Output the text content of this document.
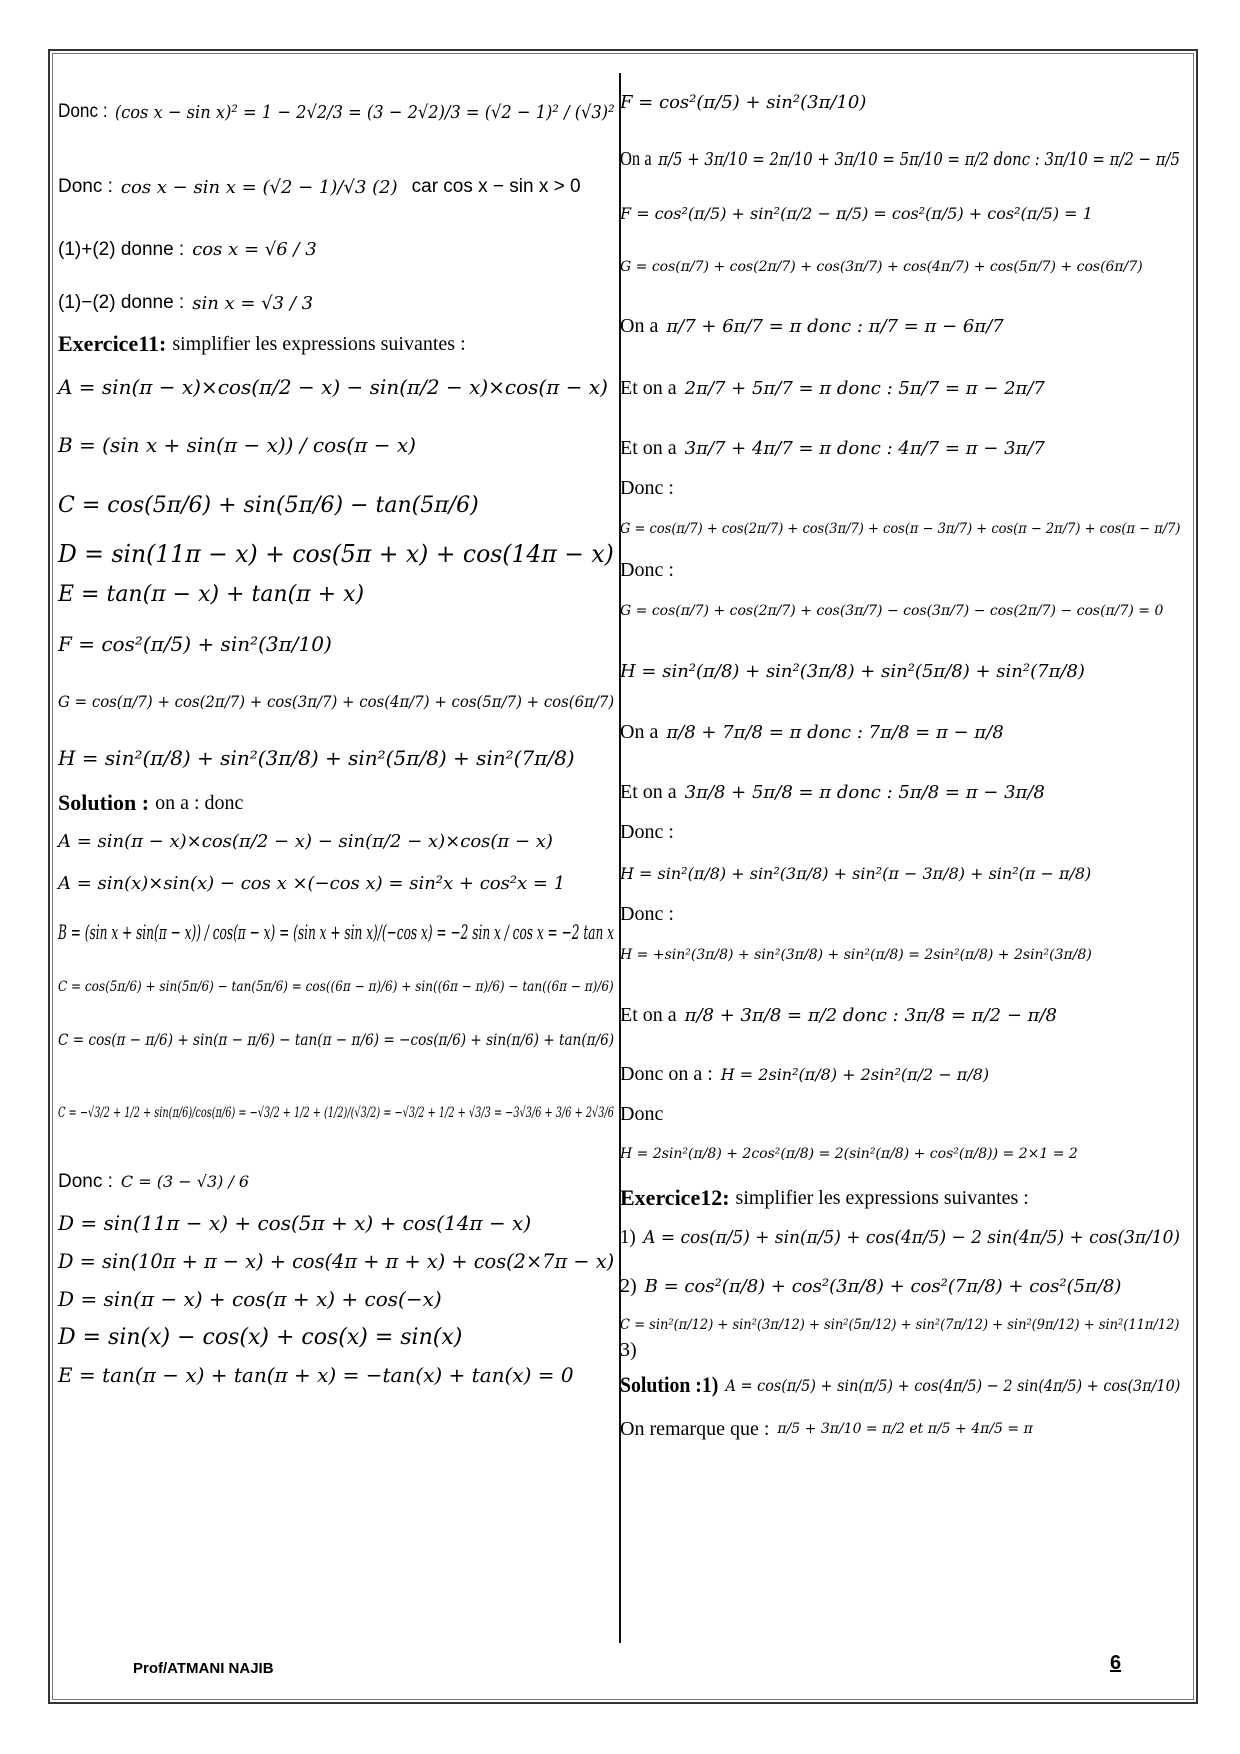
Donc : (cos x − sin x)² = 1 − 2√2/3 = (3 − 2√2)/3 = (√2 − 1)² / (√3)²
Donc : cos x − sin x = (√2 − 1)/√3 (2) car cos x − sin x > 0
(1)+(2) donne : cos x = √6 / 3
(1)−(2) donne : sin x = √3 / 3
Exercice11: simplifier les expressions suivantes :
A = sin(π − x)×cos(π/2 − x) − sin(π/2 − x)×cos(π − x)
B = (sin x + sin(π − x)) / cos(π − x)
C = cos(5π/6) + sin(5π/6) − tan(5π/6)
D = sin(11π − x) + cos(5π + x) + cos(14π − x)
E = tan(π − x) + tan(π + x)
F = cos²(π/5) + sin²(3π/10)
G = cos(π/7) + cos(2π/7) + cos(3π/7) + cos(4π/7) + cos(5π/7) + cos(6π/7)
H = sin²(π/8) + sin²(3π/8) + sin²(5π/8) + sin²(7π/8)
Solution : on a : donc
A = sin(π − x)×cos(π/2 − x) − sin(π/2 − x)×cos(π − x)
A = sin(x)×sin(x) − cos x ×(−cos x) = sin²x + cos²x = 1
B = (sin x + sin(π − x)) / cos(π − x) = (sin x + sin x)/(−cos x) = −2 sin x / cos x = −2 tan x
C = cos(5π/6) + sin(5π/6) − tan(5π/6) = cos((6π − π)/6) + sin((6π − π)/6) − tan((6π − π)/6)
C = cos(π − π/6) + sin(π − π/6) − tan(π − π/6) = −cos(π/6) + sin(π/6) + tan(π/6)
C = −√3/2 + 1/2 + sin(π/6)/cos(π/6) = −√3/2 + 1/2 + (1/2)/(√3/2) = −√3/2 + 1/2 + √3/3 = −3√3/6 + 3/6 + 2√3/6
Donc : C = (3 − √3) / 6
D = sin(11π − x) + cos(5π + x) + cos(14π − x)
D = sin(10π + π − x) + cos(4π + π + x) + cos(2×7π − x)
D = sin(π − x) + cos(π + x) + cos(−x)
D = sin(x) − cos(x) + cos(x) = sin(x)
E = tan(π − x) + tan(π + x) = −tan(x) + tan(x) = 0
F = cos²(π/5) + sin²(3π/10)
On a π/5 + 3π/10 = 2π/10 + 3π/10 = 5π/10 = π/2 donc : 3π/10 = π/2 − π/5
F = cos²(π/5) + sin²(π/2 − π/5) = cos²(π/5) + cos²(π/5) = 1
G = cos(π/7) + cos(2π/7) + cos(3π/7) + cos(4π/7) + cos(5π/7) + cos(6π/7)
On a π/7 + 6π/7 = π donc : π/7 = π − 6π/7
Et on a 2π/7 + 5π/7 = π donc : 5π/7 = π − 2π/7
Et on a 3π/7 + 4π/7 = π donc : 4π/7 = π − 3π/7
Donc :
G = cos(π/7) + cos(2π/7) + cos(3π/7) + cos(π − 3π/7) + cos(π − 2π/7) + cos(π − π/7)
Donc :
G = cos(π/7) + cos(2π/7) + cos(3π/7) − cos(3π/7) − cos(2π/7) − cos(π/7) = 0
H = sin²(π/8) + sin²(3π/8) + sin²(5π/8) + sin²(7π/8)
On a π/8 + 7π/8 = π donc : 7π/8 = π − π/8
Et on a 3π/8 + 5π/8 = π donc : 5π/8 = π − 3π/8
Donc :
H = sin²(π/8) + sin²(3π/8) + sin²(π − 3π/8) + sin²(π − π/8)
Donc :
H = +sin²(3π/8) + sin²(3π/8) + sin²(π/8) = 2sin²(π/8) + 2sin²(3π/8)
Et on a π/8 + 3π/8 = π/2 donc : 3π/8 = π/2 − π/8
Donc on a : H = 2sin²(π/8) + 2sin²(π/2 − π/8)
Donc
H = 2sin²(π/8) + 2cos²(π/8) = 2(sin²(π/8) + cos²(π/8)) = 2×1 = 2
Exercice12: simplifier les expressions suivantes :
1) A = cos(π/5) + sin(π/5) + cos(4π/5) − 2 sin(4π/5) + cos(3π/10)
2) B = cos²(π/8) + cos²(3π/8) + cos²(7π/8) + cos²(5π/8)
C = sin²(π/12) + sin²(3π/12) + sin²(5π/12) + sin²(7π/12) + sin²(9π/12) + sin²(11π/12)
3)
Solution :1) A = cos(π/5) + sin(π/5) + cos(4π/5) − 2 sin(4π/5) + cos(3π/10)
On remarque que : π/5 + 3π/10 = π/2 et π/5 + 4π/5 = π
Prof/ATMANI NAJIB	6
